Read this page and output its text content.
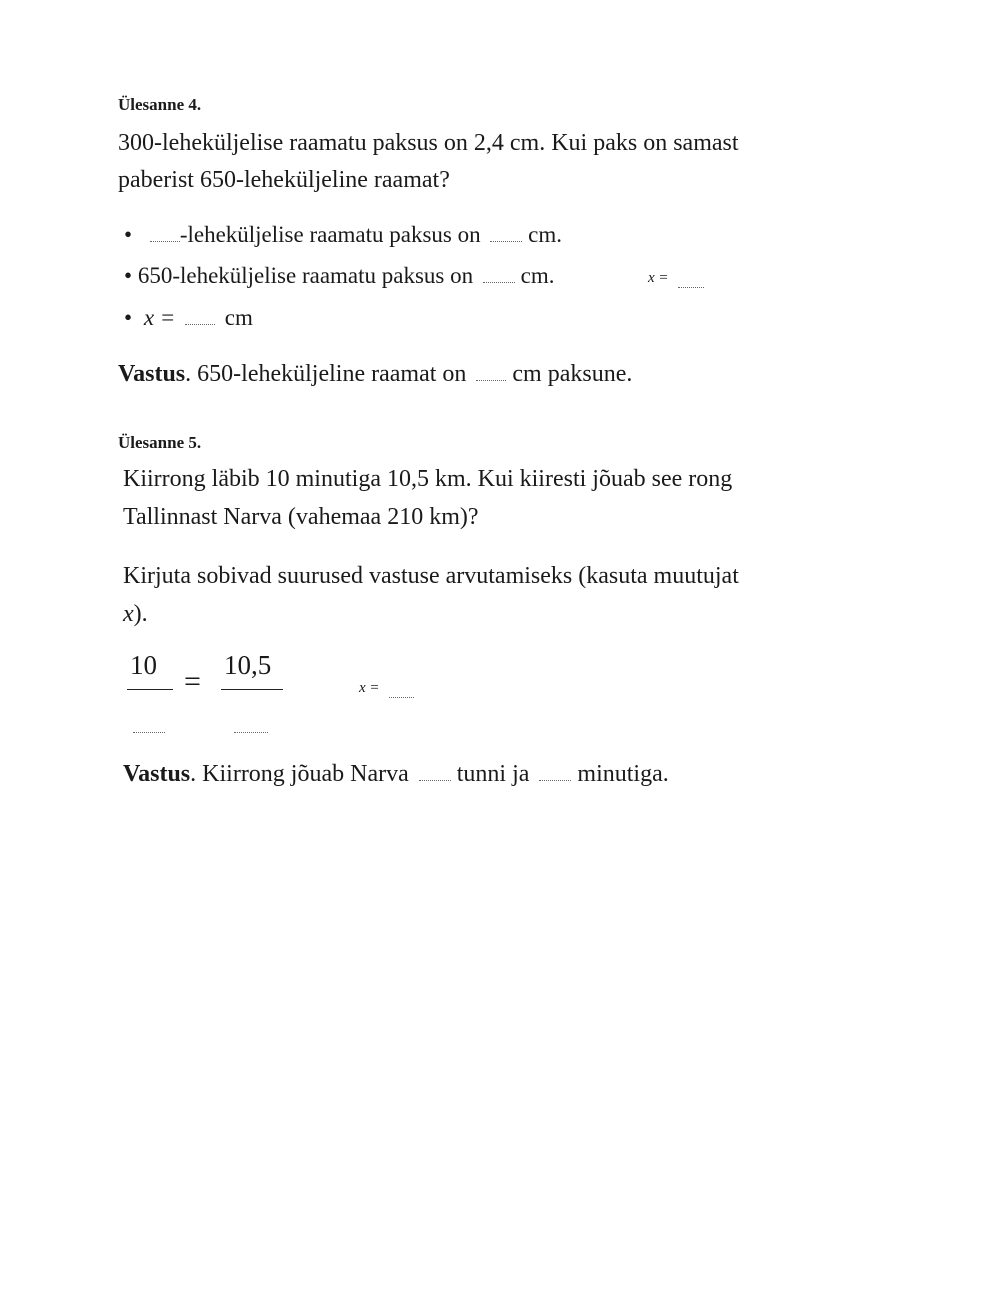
Ülesanne 4.
300-leheküljelise raamatu paksus on 2,4 cm. Kui paks on samast
paberist 650-leheküljeline raamat?
• -leheküljelise raamatu paksus on cm.
• 650-leheküljelise raamatu paksus on cm.	x =
• x = cm
Vastus. 650-lehekülјeline raamat on cm paksune.
Ülesanne 5.
Kiirrong läbib 10 minutiga 10,5 km. Kui kiiresti jõuab see rong
Tallinnast Narva (vahemaa 210 km)?
Kirjuta sobivad suurused vastuse arvutamiseks (kasuta muutujat
x).
10 = 10,5
x =
Vastus. Kiirrong jõuab Narva tunni ja minutiga.
